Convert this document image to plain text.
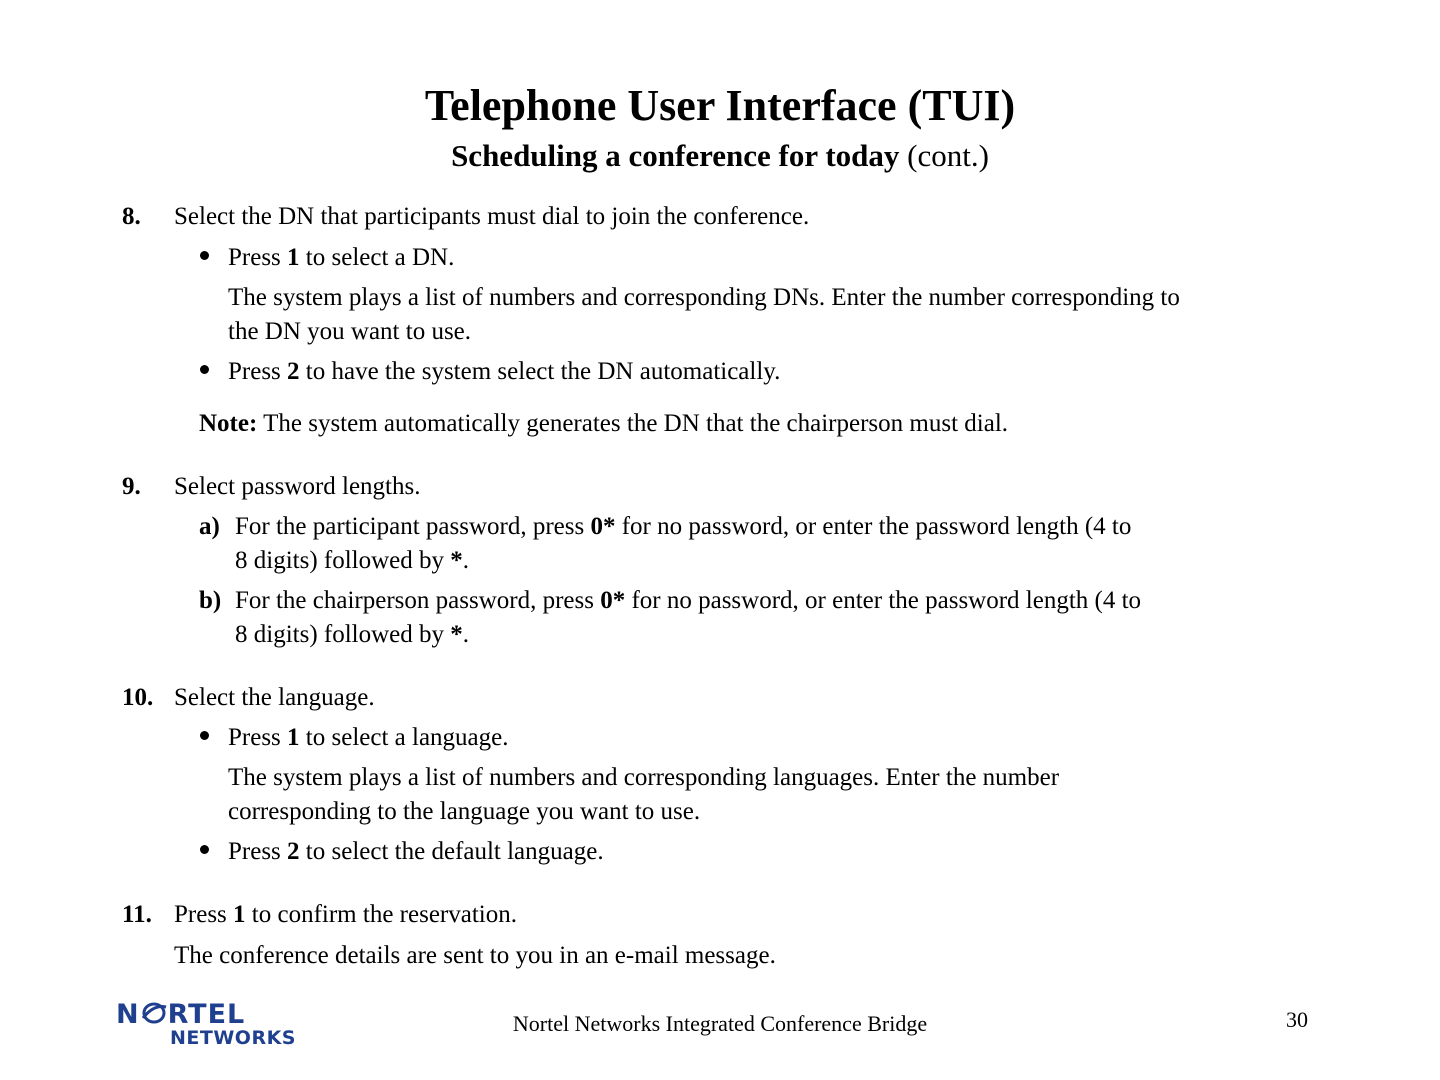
Telephone User Interface (TUI)
Scheduling a conference for today (cont.)
8. Select the DN that participants must dial to join the conference.
Press 1 to select a DN.
The system plays a list of numbers and corresponding DNs. Enter the number corresponding to
the DN you want to use.
Press 2 to have the system select the DN automatically.
Note: The system automatically generates the DN that the chairperson must dial.
9. Select password lengths.
a) For the participant password, press 0* for no password, or enter the password length (4 to
8 digits) followed by *.
b) For the chairperson password, press 0* for no password, or enter the password length (4 to
8 digits) followed by *.
10. Select the language.
Press 1 to select a language.
The system plays a list of numbers and corresponding languages. Enter the number
corresponding to the language you want to use.
Press 2 to select the default language.
11. Press 1 to confirm the reservation.
The conference details are sent to you in an e-mail message.
N RTEL
NETWORKS
Nortel Networks Integrated Conference Bridge	30
